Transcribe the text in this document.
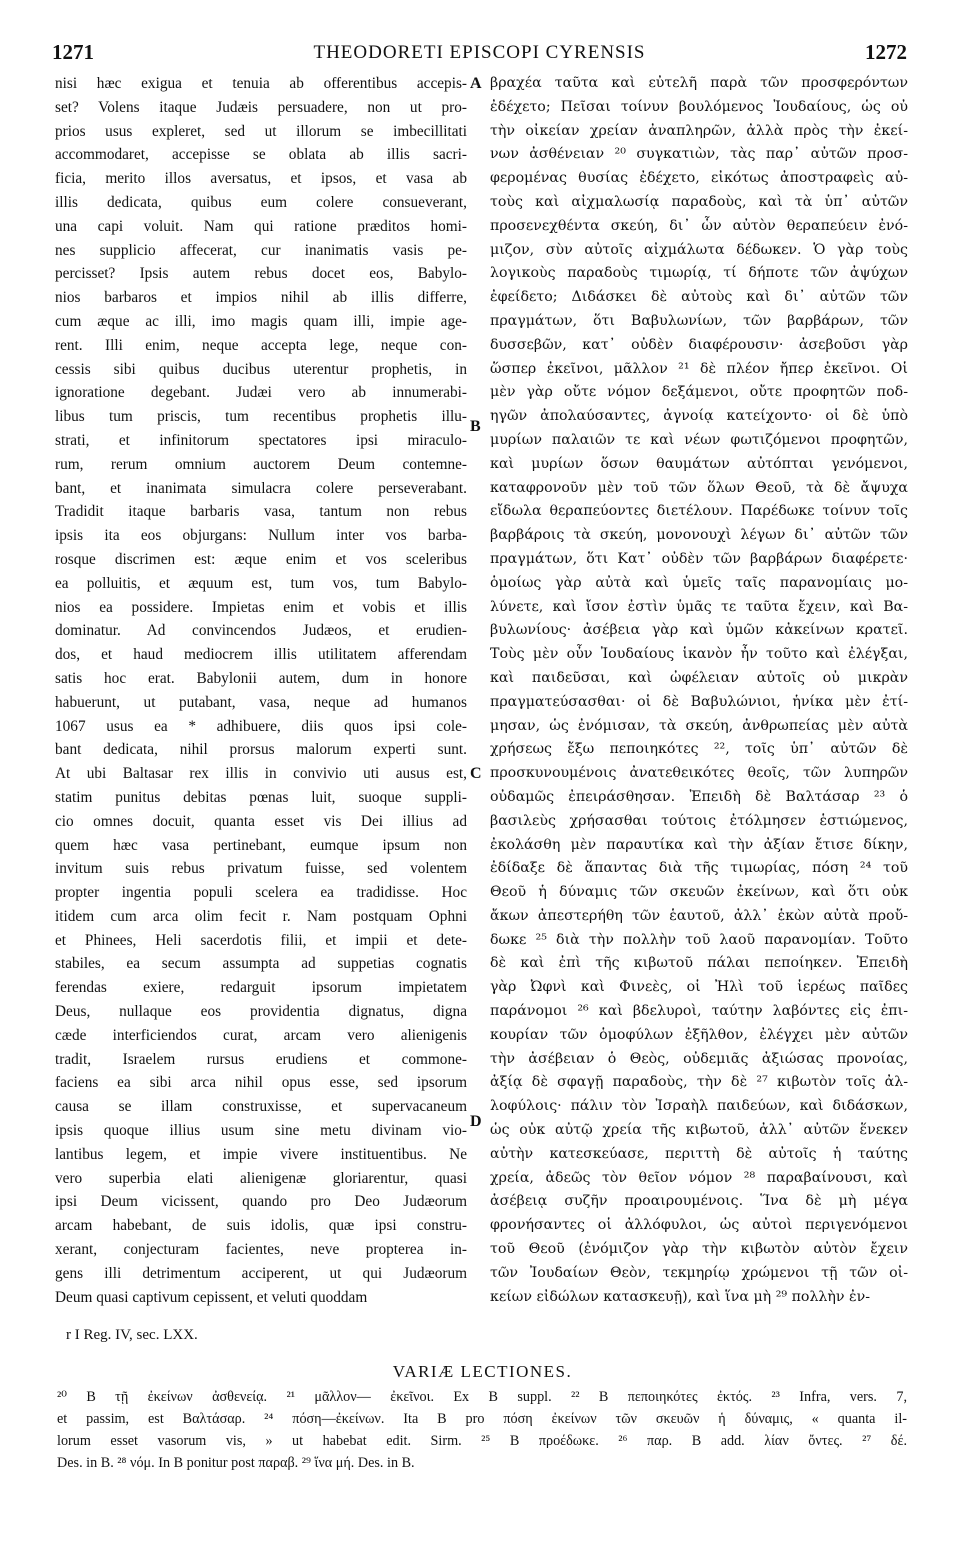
1271	THEODORETI EPISCOPI CYRENSIS	1272
nisi hæc exigua et tenuia ab offerentibus accepis-
set? Volens itaque Judæis persuadere, non ut pro-
prios usus expleret, sed ut illorum se imbecillitati
accommodaret, accepisse se oblata ab illis sacri-
ficia, merito illos aversatus, et ipsos, et vasa ab
illis dedicata, quibus eum colere consueverant,
una capi voluit. Nam qui ratione præditos homi-
nes supplicio affecerat, cur inanimatis vasis pe-
percisset? Ipsis autem rebus docet eos, Babylo-
nios barbaros et impios nihil ab illis differre,
cum æque ac illi, imo magis quam illi, impie age-
rent. Illi enim, neque accepta lege, neque con-
cessis sibi quibus ducibus uterentur prophetis, in
ignoratione degebant. Judæi vero ab innumerabi-
libus tum priscis, tum recentibus prophetis illu-
strati, et infinitorum spectatores ipsi miraculo-
rum, rerum omnium auctorem Deum contemne-
bant, et inanimata simulacra colere perseverabant.
Tradidit itaque barbaris vasa, tantum non rebus
ipsis ita eos objurgans: Nullum inter vos barba-
rosque discrimen est: æque enim et vos sceleribus
ea polluitis, et æquum est, tum vos, tum Babylo-
nios ea possidere. Impietas enim et vobis et illis
dominatur. Ad convincendos Judæos, et erudien-
dos, et haud mediocrem illis utilitatem afferendam
satis hoc erat. Babylonii autem, dum in honore
habuerunt, ut putabant, vasa, neque ad humanos
1067 usus ea * adhibuere, diis quos ipsi cole-
bant dedicata, nihil prorsus malorum experti sunt.
At ubi Baltasar rex illis in convivio uti ausus est,
statim punitus debitas pœnas luit, suoque suppli-
cio omnes docuit, quanta esset vis Dei illius ad
quem hæc vasa pertinebant, eumque ipsum non
invitum suis rebus privatum fuisse, sed volentem
propter ingentia populi scelera ea tradidisse. Hoc
itidem cum arca olim fecit r. Nam postquam Ophni
et Phinees, Heli sacerdotis filii, et impii et dete-
stabiles, ea secum assumpta ad suppetias cognatis
ferendas exiere, redarguit ipsorum impietatem
Deus, nullaque eos providentia dignatus, digna
cæde interficiendos curat, arcam vero alienigenis
tradit, Israelem rursus erudiens et commone-
faciens ea sibi arca nihil opus esse, sed ipsorum
causa se illam construxisse, et supervacaneum
ipsis quoque illius usum sine metu divinam vio-
lantibus legem, et impie vivere instituentibus. Ne
vero superbia elati alienigenæ gloriarentur, quasi
ipsi Deum vicissent, quando pro Deo Judæorum
arcam habebant, de suis idolis, quæ ipsi constru-
xerant, conjecturam facientes, neve propterea in-
gens illi detrimentum acciperent, ut qui Judæorum
Deum quasi captivum cepissent, et veluti quoddam
βραχέα ταῦτα καὶ εὐτελῆ παρὰ τῶν προσφερόντων
ἐδέχετο; Πεῖσαι τοίνυν βουλόμενος Ἰουδαίους, ὡς οὐ
τὴν οἰκείαν χρείαν ἀναπληρῶν, ἀλλὰ πρὸς τὴν ἐκεί-
νων ἀσθένειαν ²⁰ συγκατιὼν, τὰς παρ᾽ αὐτῶν προσ-
φερομένας θυσίας ἐδέχετο, εἰκότως ἀποστραφεὶς αὐ-
τοὺς καὶ αἰχμαλωσίᾳ παραδοὺς, καὶ τὰ ὑπ᾽ αὐτῶν
προσενεχθέντα σκεύη, δι᾽ ὧν αὐτὸν θεραπεύειν ἐνό-
μιζον, σὺν αὐτοῖς αἰχμάλωτα δέδωκεν. Ὁ γὰρ τοὺς
λογικοὺς παραδοὺς τιμωρίᾳ, τί δήποτε τῶν ἀψύχων
ἐφείδετο; Διδάσκει δὲ αὐτοὺς καὶ δι᾽ αὐτῶν τῶν
πραγμάτων, ὅτι Βαβυλωνίων, τῶν βαρβάρων, τῶν
δυσσεβῶν, κατ᾽ οὐδὲν διαφέρουσιν· ἀσεβοῦσι γὰρ
ὥσπερ ἐκεῖνοι, μᾶλλον ²¹ δὲ πλέον ἤπερ ἐκεῖνοι. Οἱ
μὲν γὰρ οὔτε νόμον δεξάμενοι, οὔτε προφητῶν ποδ-
ηγῶν ἀπολαύσαντες, ἀγνοίᾳ κατείχοντο· οἱ δὲ ὑπὸ
μυρίων παλαιῶν τε καὶ νέων φωτιζόμενοι προφητῶν,
καὶ μυρίων ὅσων θαυμάτων αὐτόπται γενόμενοι,
καταφρονοῦν μὲν τοῦ τῶν ὅλων Θεοῦ, τὰ δὲ ἄψυχα
εἴδωλα θεραπεύοντες διετέλουν. Παρέδωκε τοίνυν τοῖς
βαρβάροις τὰ σκεύη, μονονουχὶ λέγων δι᾽ αὐτῶν τῶν
πραγμάτων, ὅτι Κατ᾽ οὐδὲν τῶν βαρβάρων διαφέρετε·
ὁμοίως γὰρ αὐτὰ καὶ ὑμεῖς ταῖς παρανομίαις μο-
λύνετε, καὶ ἴσον ἐστὶν ὑμᾶς τε ταῦτα ἔχειν, καὶ Βα-
βυλωνίους· ἀσέβεια γὰρ καὶ ὑμῶν κἀκείνων κρατεῖ.
Τοὺς μὲν οὖν Ἰουδαίους ἱκανὸν ἦν τοῦτο καὶ ἐλέγξαι,
καὶ παιδεῦσαι, καὶ ὠφέλειαν αὐτοῖς οὐ μικρὰν
πραγματεύσασθαι· οἱ δὲ Βαβυλώνιοι, ἡνίκα μὲν ἐτί-
μησαν, ὡς ἐνόμισαν, τὰ σκεύη, ἀνθρωπείας μὲν αὐτὰ
χρήσεως ἔξω πεποιηκότες ²², τοῖς ὑπ᾽ αὐτῶν δὲ
προσκυνουμένοις ἀνατεθεικότες θεοῖς, τῶν λυπηρῶν
οὐδαμῶς ἐπειράσθησαν. Ἐπειδὴ δὲ Βαλτάσαρ ²³ ὁ
βασιλεὺς χρήσασθαι τούτοις ἐτόλμησεν ἑστιώμενος,
ἐκολάσθη μὲν παραυτίκα καὶ τὴν ἀξίαν ἔτισε δίκην,
ἐδίδαξε δὲ ἅπαντας διὰ τῆς τιμωρίας, πόση ²⁴ τοῦ
Θεοῦ ἡ δύναμις τῶν σκευῶν ἐκείνων, καὶ ὅτι οὐκ
ἄκων ἀπεστερήθη τῶν ἑαυτοῦ, ἀλλ᾽ ἑκὼν αὐτὰ προὔ-
δωκε ²⁵ διὰ τὴν πολλὴν τοῦ λαοῦ παρανομίαν. Τοῦτο
δὲ καὶ ἐπὶ τῆς κιβωτοῦ πάλαι πεποίηκεν. Ἐπειδὴ
γὰρ Ὠφνὶ καὶ Φινεὲς, οἱ Ἠλὶ τοῦ ἱερέως παῖδες
παράνομοι ²⁶ καὶ βδελυροὶ, ταύτην λαβόντες εἰς ἐπι-
κουρίαν τῶν ὁμοφύλων ἐξῆλθον, ἐλέγχει μὲν αὐτῶν
τὴν ἀσέβειαν ὁ Θεὸς, οὐδεμιᾶς ἀξιώσας προνοίας,
ἀξίᾳ δὲ σφαγῇ παραδοὺς, τὴν δὲ ²⁷ κιβωτὸν τοῖς ἀλ-
λοφύλοις· πάλιν τὸν Ἰσραὴλ παιδεύων, καὶ διδάσκων,
ὡς οὐκ αὐτῷ χρεία τῆς κιβωτοῦ, ἀλλ᾽ αὐτῶν ἕνεκεν
αὐτὴν κατεσκεύασε, περιττὴ δὲ αὐτοῖς ἡ ταύτης
χρεία, ἀδεῶς τὸν θεῖον νόμον ²⁸ παραβαίνουσι, καὶ
ἀσέβειᾳ συζῆν προαιρουμένοις. Ἵνα δὲ μὴ μέγα
φρονήσαντες οἱ ἀλλόφυλοι, ὡς αὐτοὶ περιγενόμενοι
τοῦ Θεοῦ (ἐνόμιζον γὰρ τὴν κιβωτὸν αὐτὸν ἔχειν
τῶν Ἰουδαίων Θεὸν, τεκμηρίῳ χρώμενοι τῇ τῶν οἰ-
κείων εἰδώλων κατασκευῇ), καὶ ἵνα μὴ ²⁹ πολλὴν ἐν-
A
B
C
D
r I Reg. IV, sec. LXX.
VARIÆ LECTIONES.
²⁰ B τῇ ἐκείνων ἀσθενείᾳ. ²¹ μᾶλλον— ἐκεῖνοι. Ex B suppl. ²² B πεποιηκότες ἐκτός. ²³ Infra, vers. 7,
et passim, est Βαλτάσαρ. ²⁴ πόση—ἐκείνων. Ita B pro πόση ἐκείνων τῶν σκευῶν ἡ δύναμις, « quanta il-
lorum esset vasorum vis, » ut habebat edit. Sirm. ²⁵ B προέδωκε. ²⁶ παρ. B add. λίαν ὄντες. ²⁷ δέ.
Des. in B. ²⁸ νόμ. In B ponitur post παραβ. ²⁹ ἵνα μή. Des. in B.
